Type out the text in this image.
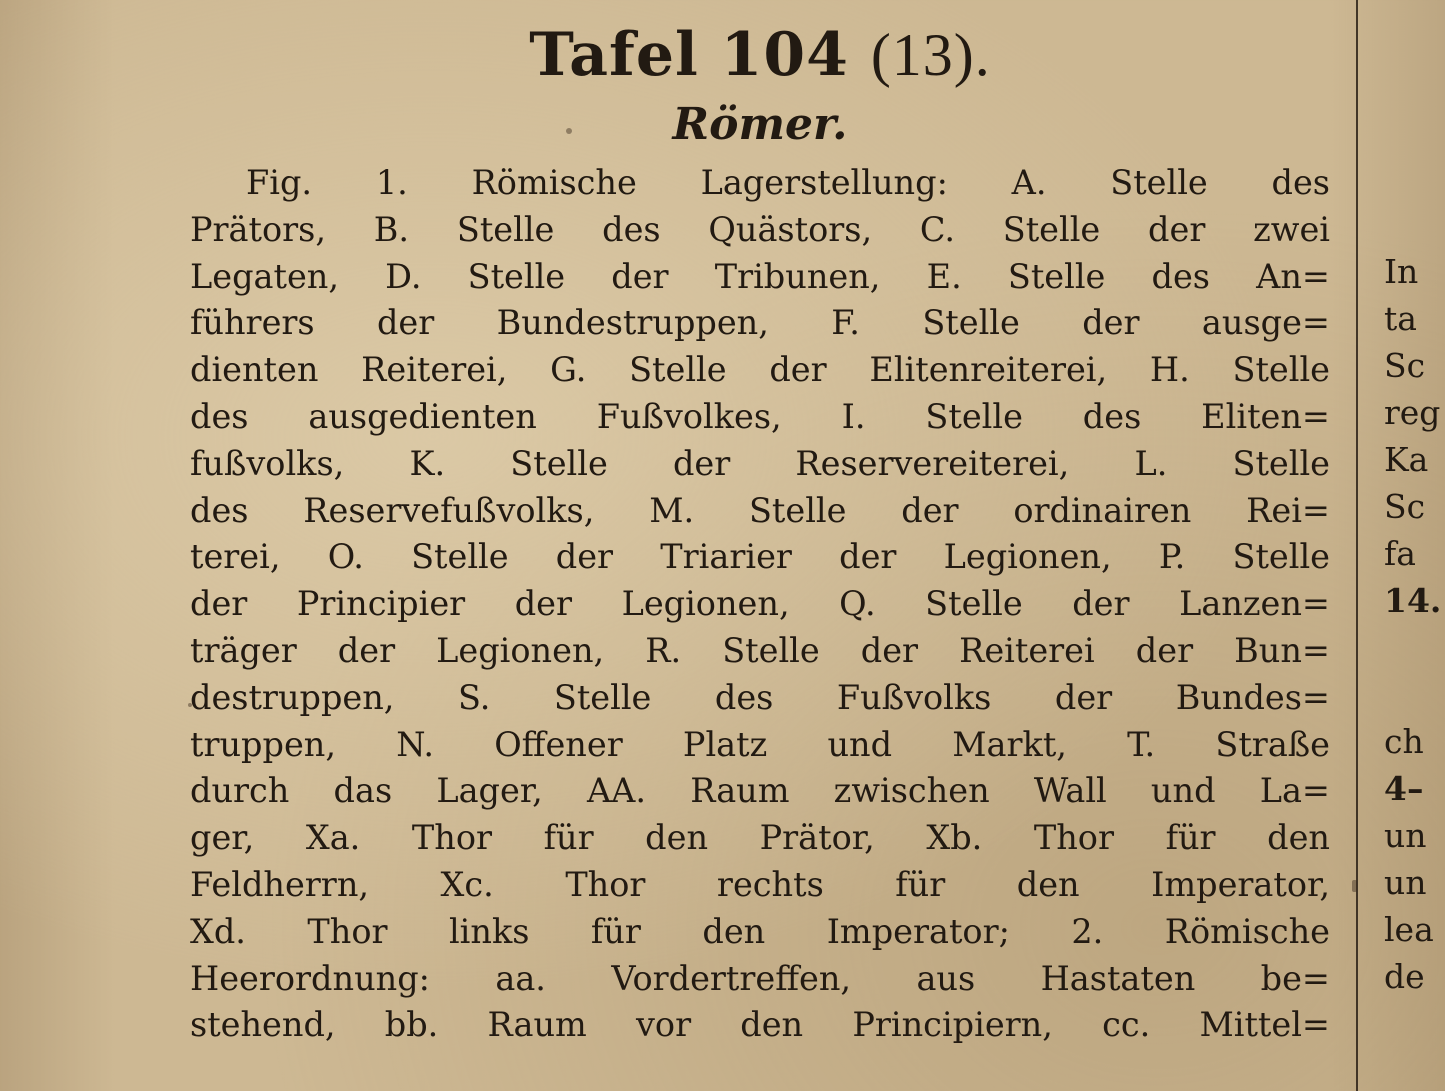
Tafel 104 (13).
Römer.
Fig. 1. Römische Lagerstellung: A. Stelle des
Prätors, B. Stelle des Quästors, C. Stelle der zwei
Legaten, D. Stelle der Tribunen, E. Stelle des An=
führers der Bundestruppen, F. Stelle der ausge=
dienten Reiterei, G. Stelle der Elitenreiterei, H. Stelle
des ausgedienten Fußvolkes, I. Stelle des Eliten=
fußvolks, K. Stelle der Reservereiterei, L. Stelle
des Reservefußvolks, M. Stelle der ordinairen Rei=
terei, O. Stelle der Triarier der Legionen, P. Stelle
der Principier der Legionen, Q. Stelle der Lanzen=
träger der Legionen, R. Stelle der Reiterei der Bun=
destruppen, S. Stelle des Fußvolks der Bundes=
truppen, N. Offener Platz und Markt, T. Straße
durch das Lager, AA. Raum zwischen Wall und La=
ger, Xa. Thor für den Prätor, Xb. Thor für den
Feldherrn, Xc. Thor rechts für den Imperator,
Xd. Thor links für den Imperator; 2. Römische
Heerordnung: aa. Vordertreffen, aus Hastaten be=
stehend, bb. Raum vor den Principiern, cc. Mittel=
In
ta
Sc
reg
Ka
Sc
fa
14.
ch
4–
un
un
lea
de
